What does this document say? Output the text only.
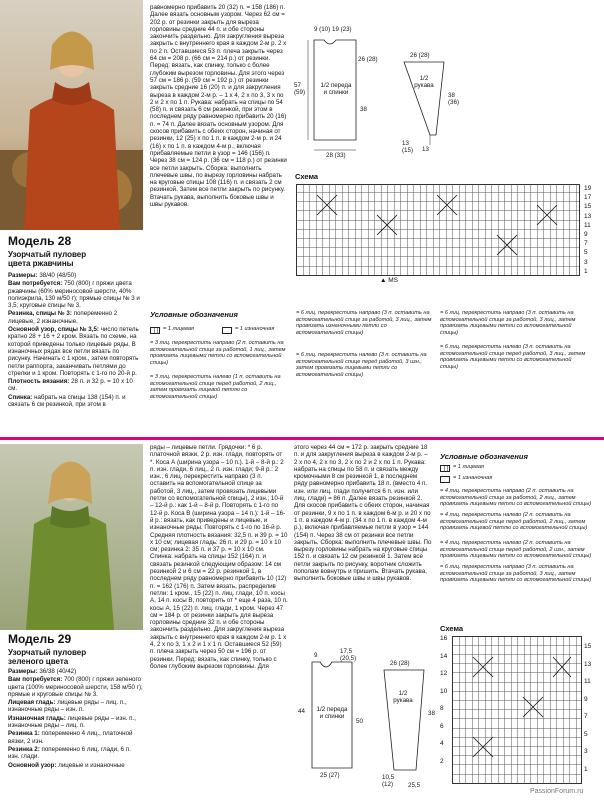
Модель 28
Узорчатый пуловер цвета ржавчины

Размеры: 38/40 (48/50)

Вам потребуется: 750 (800) г пряжи цвета ржавчины (60% мериносовой шерсти, 40% полиэкрила, 130 м/50 г); прямые спицы № 3 и 3,5; круговые спицы № 3.

Резинка, спицы № 3: попеременно 2 лицевые, 2 изнаночные.

Основной узор, спицы № 3,5: число петель кратно 28 + 16 + 2 кром. Вязать по схеме, на которой приведены только лицевые ряды. В изнаночных рядах все петли вязать по рисунку. Начинать с 1 кром., затем повторять петли раппорта, заканчивать петлями до стрелки и 1 кром. Повторять с 1-го по 20-й р.

Плотность вязания: 28 п. и 32 р. = 10 х 10 см.

Спинка: набрать на спицы 138 (154) п. и связать 6 см резинкой, при этом в

равномерно прибавить 20 (32) п. = 158 (186) п. Далее вязать основным узором. Через 62 см = 202 р. от резинки закрыть для выреза горловины средние 44 п. и обе стороны закончить раздельно. Для закругления выреза закрыть с внутреннего края в каждом 2-м р. 2 х по 2 п. Оставшиеся 53 п. плеча закрыть через 64 см = 208 р. (66 см = 214 р.) от резинки. Перед: вязать, как спинку, только с более глубоким вырезом горловины. Для этого через 57 см = 186 р. (59 см = 192 р.) от резинки закрыть средние 16 (20) п. и для закругления выреза в каждом 2-м р. – 1 х 4, 2 х по 3, 3 х по 2 и 2 х по 1 п. Рукава: набрать на спицы по 54 (58) п. и связать 6 см резинкой, при этом в последнем ряду равномерно прибавить 20 (16) п. = 74 п. Далее вязать основным узором. Для скосов прибавить с обеих сторон, начиная от резинки, 12 (25) х по 1 п. в каждом 2-м р. и 24 (16) х по 1 п. в каждом 4-м р., включая прибавляемые петли в узор = 146 (156) п. Через 38 см = 124 р. (36 см = 118 р.) от резинки все петли закрыть. Сборка: выполнить плечевые швы, по вырезу горловины набрать на круговые спицы 108 (116) п. и связать 2 см резинкой. Затем все петли закрыть по рисунку. Втачать рукава, выполнить боковые швы и швы рукавов.
1/2 переда и спинки
9 (10) 19 (23)
26 (28)
38
57 (59)
28 (33)
1/2 рукава
26 (28)
38 (36)
13 (15)	13
Схема
19
17
15
13
11
9
7
5
3
1
▲ MS
Условные обозначения
= 1 лицевая	= 1 изнаночная
= 3 лиц. перекрестить направо (2 п. оставить на вспомогательной спице за работой, 1 лиц., затем провязать лицевыми петли со вспомогательной спицы)
= 3 лиц. перекрестить налево (1 п. оставить на вспомогательной спице перед работой, 2 лиц., затем провязать лицевой петлю со вспомогательной спицы)
= 6 лиц. перекрестить направо (3 п. оставить на вспомогательной спице за работой, 3 лиц., затем провязать изнаночными петли со вспомогательной спицы)
= 6 лиц. перекрестить налево (3 п. оставить на вспомогательной спице перед работой, 3 изн., затем провязать лицевыми петли со вспомогательной спицы)
= 6 лиц. перекрестить направо (3 п. оставить на вспомогательной спице за работой, 3 лиц., затем провязать лицевыми петли со вспомогательной спицы)
= 6 лиц. перекрестить налево (3 п. оставить на вспомогательной спице перед работой, 3 лиц., затем провязать лицевыми петли со вспомогательной спицы)
Модель 29
Узорчатый пуловер зеленого цвета

Размеры: 36/38 (40/42)

Вам потребуется: 700 (800) г пряжи зеленого цвета (100% мериносовой шерсти, 158 м/50 г); прямые и круговые спицы № 3.

Лицевая гладь: лицевые ряды – лиц. п., изнаночные ряды – изн. п.

Изнаночная гладь: лицевые ряды – изн. п., изнаночные ряды – лиц. п.

Резинка 1: попеременно 4 лиц., платочной вязки, 2 изн.

Резинка 2: попеременно 6 лиц. глади, 6 п. изн. глади.

Основной узор: лицевые и изнаночные

ряды – лицевые петли. Грядочки: * 6 р. платочной вязки, 2 р. изн. глади, повторять от *. Коса А (ширина узора – 10 п.). 1-й – 8-й р.: 2 п. изн. глади, 6 лиц., 2 п. изн. глади; 9-й р.: 2 изн., 6 лиц. перекрестить направо (3 п. оставить на вспомогательной спице за работой, 3 лиц., затем провязать лицевыми петли со вспомогательной спицы), 2 изн.; 10-й – 12-й р.: как 1-й – 8-й р. Повторять с 1-го по 12-й р. Коса В (ширина узора – 14 п.): 1-й – 16-й р.: вязать, как приведены и лицевые, и изнаночные ряды. Повторять с 1-го по 16-й р. Средняя плотность вязания: 32,5 п. и 39 р. = 10 х 10 см; лицевая гладь: 26 п. и 29 р. = 10 х 10 см; резинка 2: 35 п. и 37 р. = 10 х 10 см. Спинка: набрать на спицы 152 (164) п. и связать резинкой следующим образом: 14 см резинкой 2 и 6 см = 22 р. резинкой 1, в последнем ряду равномерно прибавить 10 (12) п. = 162 (176) п. Затем вязать, распределив петли: 1 кром., 15 (22) п. лиц. глади, 10 п. косы А, 14 п. косы В, повторить от * еще 4 раза, 10 п. косы А, 15 (22) п. лиц. глади, 1 кром. Через 47 см = 184 р. от резинки закрыть для выреза горловины средние 32 п. и обе стороны закончить раздельно. Для закругления выреза закрыть с внутреннего края в каждом 2-м р. 1 х 4, 2 х по 3, 1 х 2 и 1 х 1 п. Оставшиеся 52 (59) п. плеча закрыть через 50 см = 196 р. от резинки. Перед: вязать, как спинку, только с более глубоким вырезом горловины. Для
этого через 44 см = 172 р. закрыть средние 18 п. и для закругления выреза в каждом 2-м р. – 2 х по 4, 2 х по 3, 2 х по 2 и 2 х по 1 п. Рукава: набрать на спицы по 58 п. и связать между кромочными 8 см резинкой 1, в последнем ряду равномерно прибавить 18 п. (вместо 4 п. изн. или лиц. глади получится 6 п. изн. или лиц. глади) = 86 п. Далее вязать резинкой 2. Для скосов прибавить с обеих сторон, начиная от резинки, 9 х по 1 п. в каждом 6-м р. и 20 х по 1 п. в каждом 4-м р. (34 х по 1 п. в каждом 4-м р.), включая прибавляемые петли в узор = 144 (154) п. Через 38 см от резинки все петли закрыть. Сборка: выполнить плечевые швы. По вырезу горловины набрать на круговые спицы 152 п. и связать 12 см резинкой 1. Затем все петли закрыть по рисунку, воротник сложить пополам вовнутрь и пришить. Втачать рукава, выполнить боковые швы и швы рукавов.
1/2 переда и спинки
9
17,5 (20,5)
44
50
25 (27)
1/2 рукава
26 (28)
38
10,5 (12)	25,5
Условные обозначения
= 1 лицевая
= 1 изнаночная
= 4 лиц. перекрестить направо (2 п. оставить на вспомогательной спице за работой, 2 лиц., затем провязать лицевыми петли со вспомогательной спицы)
= 4 лиц. перекрестить налево (2 п. оставить на вспомогательной спице перед работой, 2 лиц., затем провязать лицевой петлю со вспомогательной спицы)
= 4 лиц. перекрестить налево (2 п. оставить на вспомогательной спице перед работой, 2 изн., затем провязать лицевыми петли со вспомогательной спицы)
= 6 лиц. перекрестить направо (3 п. оставить на вспомогательной спице за работой, 3 лиц., затем провязать лицевыми петли со вспомогательной спицы)
Схема
15
13
11
9
7
5
3
1
16
14
12
10
8
6
4
2
PassionForum.ru
